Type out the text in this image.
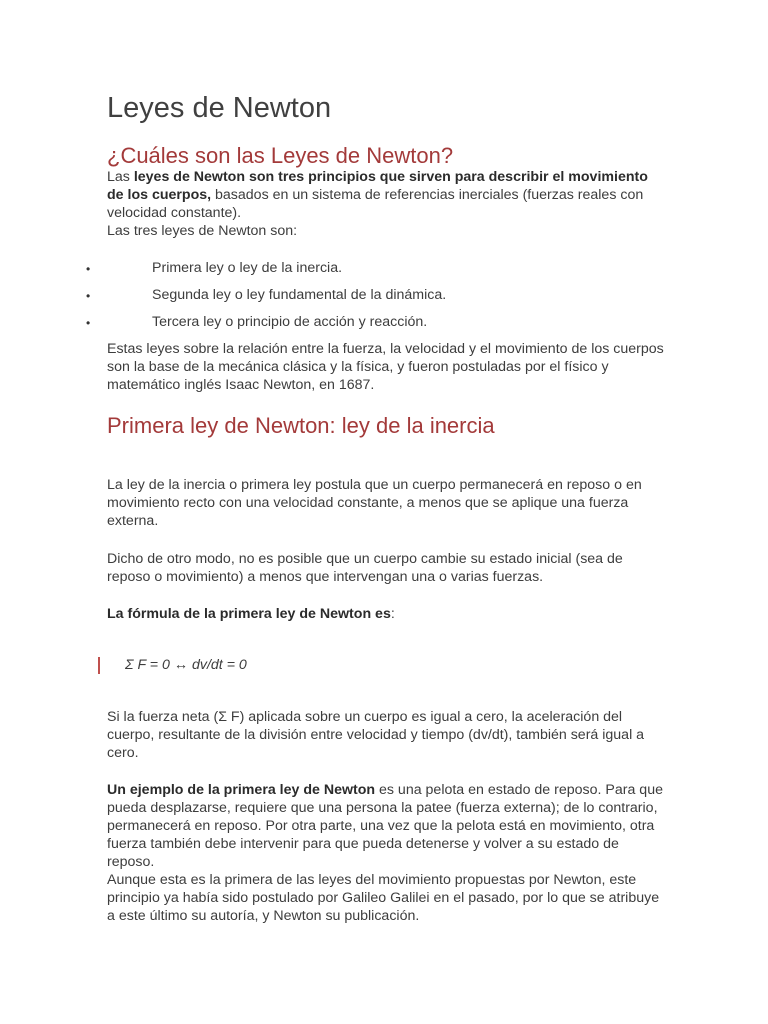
Leyes de Newton
¿Cuáles son las Leyes de Newton?

Las leyes de Newton son tres principios que sirven para describir el movimiento de los cuerpos, basados en un sistema de referencias inerciales (fuerzas reales con velocidad constante).

Las tres leyes de Newton son:

•	Primera ley o ley de la inercia.
•	Segunda ley o ley fundamental de la dinámica.
•	Tercera ley o principio de acción y reacción.

Estas leyes sobre la relación entre la fuerza, la velocidad y el movimiento de los cuerpos son la base de la mecánica clásica y la física, y fueron postuladas por el físico y matemático inglés Isaac Newton, en 1687.

Primera ley de Newton: ley de la inercia

La ley de la inercia o primera ley postula que un cuerpo permanecerá en reposo o en movimiento recto con una velocidad constante, a menos que se aplique una fuerza externa.

Dicho de otro modo, no es posible que un cuerpo cambie su estado inicial (sea de reposo o movimiento) a menos que intervengan una o varias fuerzas.

La fórmula de la primera ley de Newton es:

Σ F = 0 ↔ dv/dt = 0

Si la fuerza neta (Σ F) aplicada sobre un cuerpo es igual a cero, la aceleración del cuerpo, resultante de la división entre velocidad y tiempo (dv/dt), también será igual a cero.

Un ejemplo de la primera ley de Newton es una pelota en estado de reposo. Para que pueda desplazarse, requiere que una persona la patee (fuerza externa); de lo contrario, permanecerá en reposo. Por otra parte, una vez que la pelota está en movimiento, otra fuerza también debe intervenir para que pueda detenerse y volver a su estado de reposo.

Aunque esta es la primera de las leyes del movimiento propuestas por Newton, este principio ya había sido postulado por Galileo Galilei en el pasado, por lo que se atribuye a este último su autoría, y Newton su publicación.
